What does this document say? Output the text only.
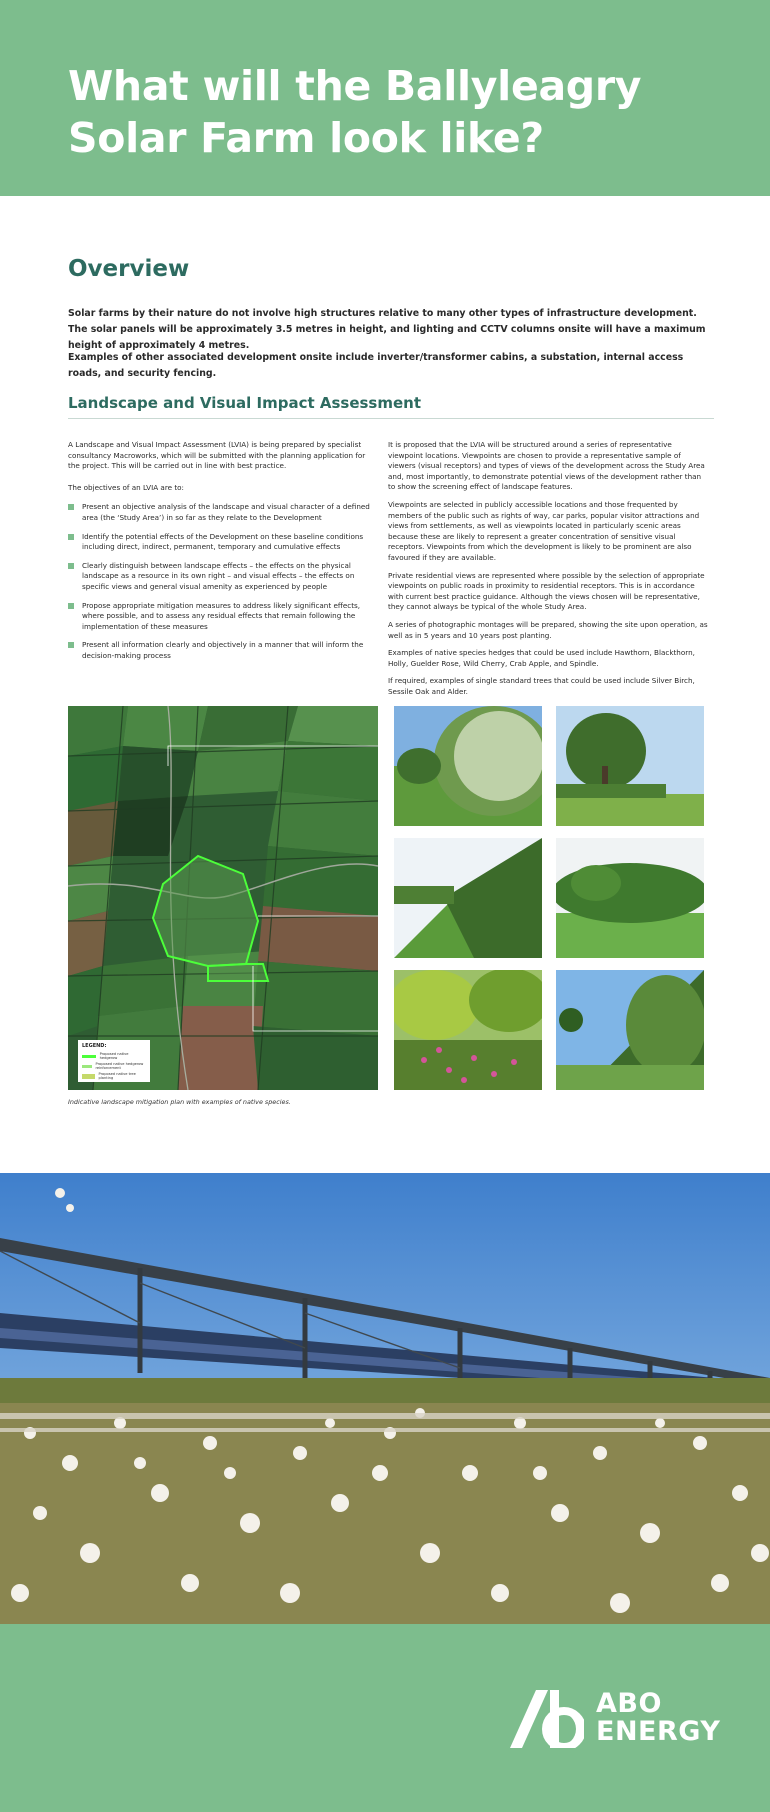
What will the Ballyleagry
Solar Farm look like?
Overview

Solar farms by their nature do not involve high structures relative to many other types of infrastructure development. The solar panels will be approximately 3.5 metres in height, and lighting and CCTV columns onsite will have a maximum height of approximately 4 metres.

Examples of other associated development onsite include inverter/transformer cabins, a substation, internal access roads, and security fencing.

Landscape and Visual Impact Assessment

A Landscape and Visual Impact Assessment (LVIA) is being prepared by specialist consultancy Macroworks, which will be submitted with the planning application for the project. This will be carried out in line with best practice.

The objectives of an LVIA are to:

Present an objective analysis of the landscape and visual character of a defined area (the ‘Study Area’) in so far as they relate to the Development
Identify the potential effects of the Development on these baseline conditions including direct, indirect, permanent, temporary and cumulative effects
Clearly distinguish between landscape effects – the effects on the physical landscape as a resource in its own right – and visual effects – the effects on specific views and general visual amenity as experienced by people
Propose appropriate mitigation measures to address likely significant effects, where possible, and to assess any residual effects that remain following the implementation of these measures
Present all information clearly and objectively in a manner that will inform the decision-making process

It is proposed that the LVIA will be structured around a series of representative viewpoint locations. Viewpoints are chosen to provide a representative sample of viewers (visual receptors) and types of views of the development across the Study Area and, most importantly, to demonstrate potential views of the development rather than to show the screening effect of landscape features.

Viewpoints are selected in publicly accessible locations and those frequented by members of the public such as rights of way, car parks, popular visitor attractions and views from settlements, as well as viewpoints located in particularly scenic areas because these are likely to represent a greater concentration of sensitive visual receptors. Viewpoints from which the development is likely to be prominent are also favoured if they are available.

Private residential views are represented where possible by the selection of appropriate viewpoints on public roads in proximity to residential receptors. This is in accordance with current best practice guidance. Although the views chosen will be representative, they cannot always be typical of the whole Study Area.

A series of photographic montages will be prepared, showing the site upon operation, as well as in 5 years and 10 years post planting.

Examples of native species hedges that could be used include Hawthorn, Blackthorn, Holly, Guelder Rose, Wild Cherry, Crab Apple, and Spindle.

If required, examples of single standard trees that could be used include Silver Birch, Sessile Oak and Alder.

LEGEND:
Proposed native hedgerow
Proposed native hedgerow reinforcement
Proposed native tree planting
Indicative landscape mitigation plan with examples of native species.
ABO
ENERGY
